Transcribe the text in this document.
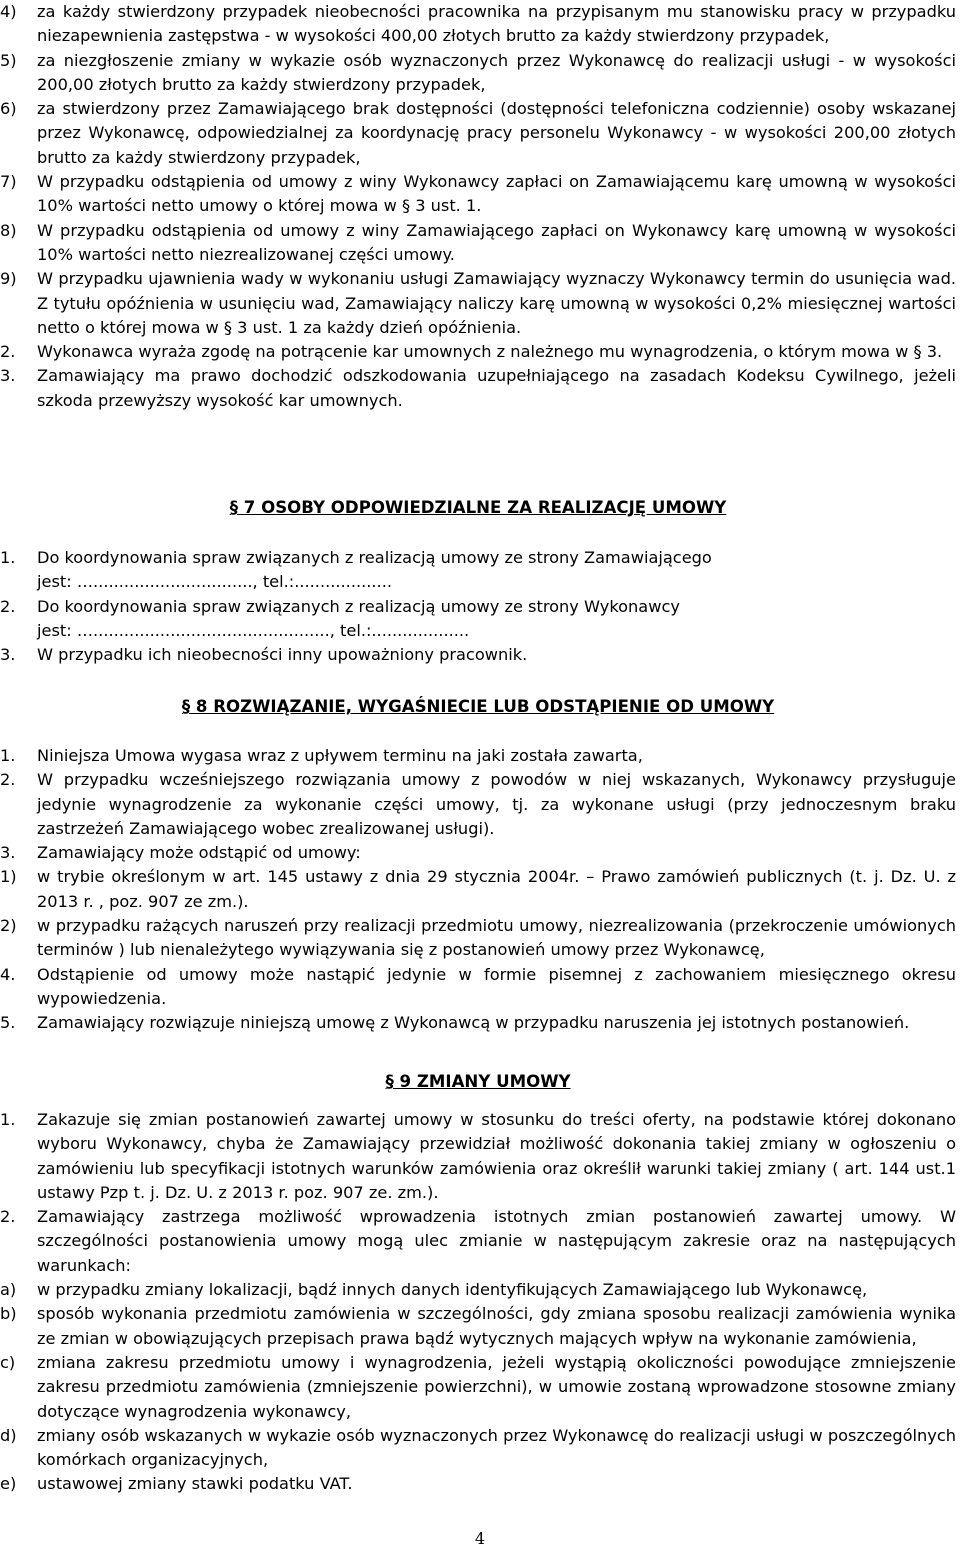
4) za każdy stwierdzony przypadek nieobecności pracownika na przypisanym mu stanowisku pracy w przypadku niezapewnienia zastępstwa - w wysokości 400,00 złotych brutto za każdy stwierdzony przypadek,
5) za niezgłoszenie zmiany w wykazie osób wyznaczonych przez Wykonawcę do realizacji usługi - w wysokości 200,00 złotych brutto za każdy stwierdzony przypadek,
6) za stwierdzony przez Zamawiającego brak dostępności (dostępności telefoniczna codziennie) osoby wskazanej przez Wykonawcę, odpowiedzialnej za koordynację pracy personelu Wykonawcy - w wysokości 200,00 złotych brutto za każdy stwierdzony przypadek,
7) W przypadku odstąpienia od umowy z winy Wykonawcy zapłaci on Zamawiającemu karę umowną w wysokości 10% wartości netto umowy o której mowa w § 3 ust. 1.
8) W przypadku odstąpienia od umowy z winy Zamawiającego zapłaci on Wykonawcy karę umowną w wysokości 10% wartości netto niezrealizowanej części umowy.
9) W przypadku ujawnienia wady w wykonaniu usługi Zamawiający wyznaczy Wykonawcy termin do usunięcia wad. Z tytułu opóźnienia w usunięciu wad, Zamawiający naliczy karę umowną w wysokości 0,2% miesięcznej wartości netto o której mowa w § 3 ust. 1 za każdy dzień opóźnienia.
2. Wykonawca wyraża zgodę na potrącenie kar umownych z należnego mu wynagrodzenia, o którym mowa w § 3.
3. Zamawiający ma prawo dochodzić odszkodowania uzupełniającego na zasadach Kodeksu Cywilnego, jeżeli szkoda przewyższy wysokość kar umownych.
§ 7 OSOBY ODPOWIEDZIALNE ZA REALIZACJĘ UMOWY
1. Do koordynowania spraw związanych z realizacją umowy ze strony Zamawiającego
jest: …..............................., tel.:...................
2. Do koordynowania spraw związanych z realizacją umowy ze strony Wykonawcy
jest: ….............................................., tel.:...................
3. W przypadku ich nieobecności inny upoważniony pracownik.
§ 8 ROZWIĄZANIE, WYGAŚNIECIE LUB ODSTĄPIENIE OD UMOWY
1. Niniejsza Umowa wygasa wraz z upływem terminu na jaki została zawarta,
2. W przypadku wcześniejszego rozwiązania umowy z powodów w niej wskazanych, Wykonawcy przysługuje jedynie wynagrodzenie za wykonanie części umowy, tj. za wykonane usługi (przy jednoczesnym braku zastrzeżeń Zamawiającego wobec zrealizowanej usługi).
3. Zamawiający może odstąpić od umowy:
1) w trybie określonym w art. 145 ustawy z dnia 29 stycznia 2004r. – Prawo zamówień publicznych (t. j. Dz. U. z 2013 r. , poz. 907 ze zm.).
2) w przypadku rażących naruszeń przy realizacji przedmiotu umowy, niezrealizowania (przekroczenie umówionych terminów ) lub nienależytego wywiązywania się z postanowień umowy przez Wykonawcę,
4. Odstąpienie od umowy może nastąpić jedynie w formie pisemnej z zachowaniem miesięcznego okresu wypowiedzenia.
5. Zamawiający rozwiązuje niniejszą umowę z Wykonawcą w przypadku naruszenia jej istotnych postanowień.
§ 9 ZMIANY UMOWY
1. Zakazuje się zmian postanowień zawartej umowy w stosunku do treści oferty, na podstawie której dokonano wyboru Wykonawcy, chyba że Zamawiający przewidział możliwość dokonania takiej zmiany w ogłoszeniu o zamówieniu lub specyfikacji istotnych warunków zamówienia oraz określił warunki takiej zmiany ( art. 144 ust.1 ustawy Pzp t. j. Dz. U. z 2013 r. poz. 907 ze. zm.).
2. Zamawiający zastrzega możliwość wprowadzenia istotnych zmian postanowień zawartej umowy. W szczególności postanowienia umowy mogą ulec zmianie w następującym zakresie oraz na następujących warunkach:
a) w przypadku zmiany lokalizacji, bądź innych danych identyfikujących Zamawiającego lub Wykonawcę,
b) sposób wykonania przedmiotu zamówienia w szczególności, gdy zmiana sposobu realizacji zamówienia wynika ze zmian w obowiązujących przepisach prawa bądź wytycznych mających wpływ na wykonanie zamówienia,
c) zmiana zakresu przedmiotu umowy i wynagrodzenia, jeżeli wystąpią okoliczności powodujące zmniejszenie zakresu przedmiotu zamówienia (zmniejszenie powierzchni), w umowie zostaną wprowadzone stosowne zmiany dotyczące wynagrodzenia wykonawcy,
d) zmiany osób wskazanych w wykazie osób wyznaczonych przez Wykonawcę do realizacji usługi w poszczególnych komórkach organizacyjnych,
e) ustawowej zmiany stawki podatku VAT.
4
